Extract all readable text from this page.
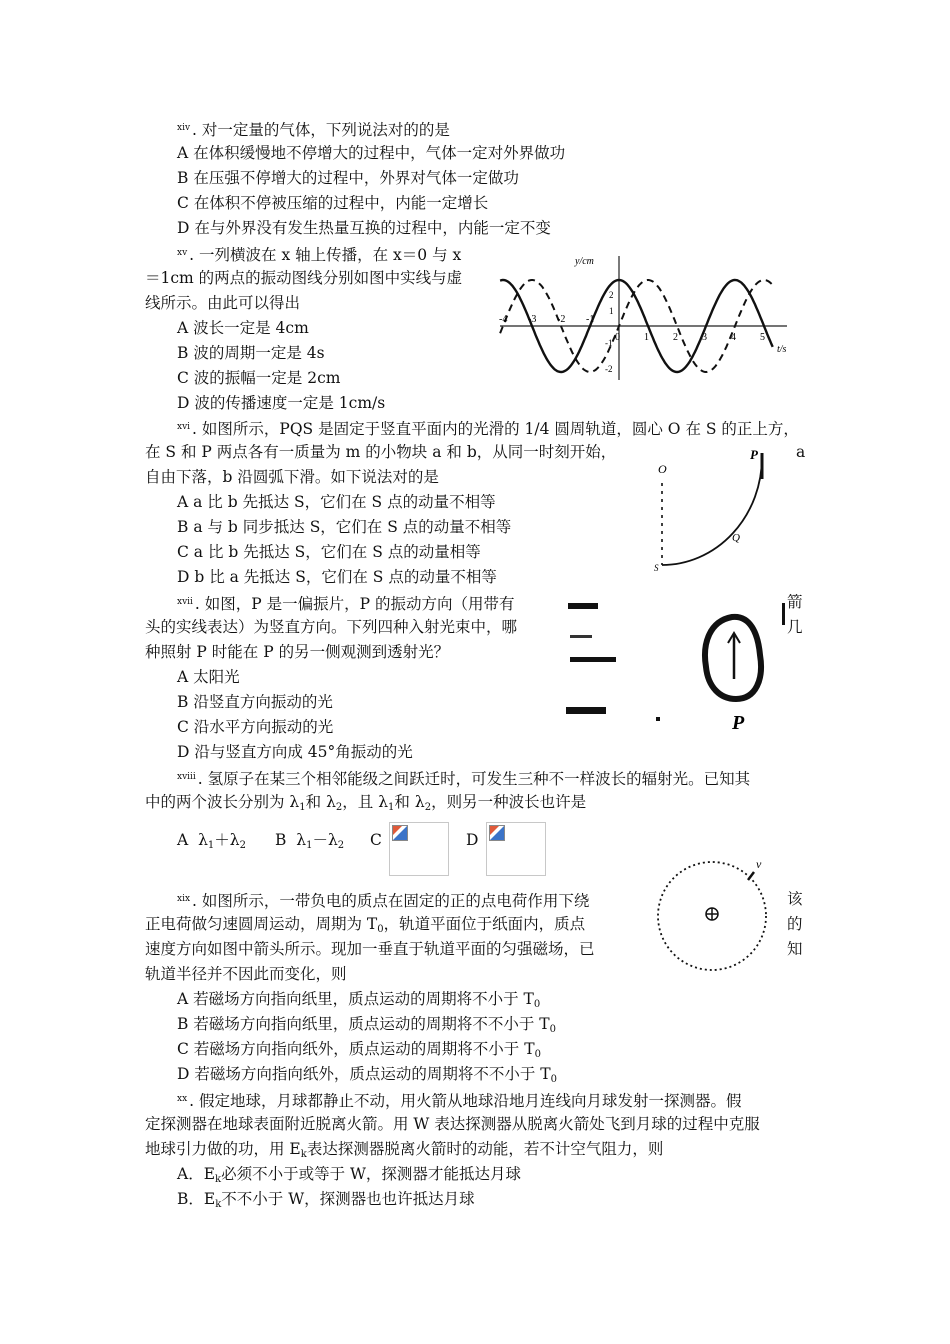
$^{xiv}$ . 对一定量的气体，下列说法对的的是
A 在体积缓慢地不停增大的过程中，气体一定对外界做功
B 在压强不停增大的过程中，外界对气体一定做功
C 在体积不停被压缩的过程中，内能一定增长
D 在与外界没有发生热量互换的过程中，内能一定不变
$^{xv}$ . 一列横波在 x 轴上传播，在 x＝0 与 x
＝1cm 的两点的振动图线分别如图中实线与虚
线所示。由此可以得出
A 波长一定是 4cm
B 波的周期一定是 4s
C 波的振幅一定是 2cm
D 波的传播速度一定是 1cm/s
y/cm
t/s
-4 -3 -2 -1
0 1 2 3 4 5
2
1
-1
-2
$^{xvi}$ . 如图所示，PQS 是固定于竖直平面内的光滑的 1/4 圆周轨道，圆心 O 在 S 的正上方，
在 S 和 P 两点各有一质量为 m 的小物块 a 和 b，从同一时刻开始，	a
自由下落，b 沿圆弧下滑。如下说法对的是
A a 比 b 先抵达 S，它们在 S 点的动量不相等
B a 与 b 同步抵达 S，它们在 S 点的动量不相等
C a 比 b 先抵达 S，它们在 S 点的动量相等
D b 比 a 先抵达 S，它们在 S 点的动量不相等
O
P
Q
S
$^{xvii}$ . 如图，P 是一偏振片，P 的振动方向（用带有	箭
头的实线表达）为竖直方向。下列四种入射光束中，哪	几
种照射 P 时能在 P 的另一侧观测到透射光？
A 太阳光
B 沿竖直方向振动的光
C 沿水平方向振动的光
D 沿与竖直方向成 45°角振动的光
P
$^{xviii}$ . 氢原子在某三个相邻能级之间跃迁时，可发生三种不一样波长的辐射光。已知其
中的两个波长分别为 $\lambda_1$和 $\lambda_2$，且 $\lambda_1$和 $\lambda_2$，则另一种波长也许是
A $\lambda_1+\lambda_2$ B $\lambda_1-\lambda_2$ C	D
$^{xix}$ . 如图所示，一带负电的质点在固定的正的点电荷作用下绕	该
正电荷做匀速圆周运动，周期为 $T_0$，轨道平面位于纸面内，质点	的
速度方向如图中箭头所示。现加一垂直于轨道平面的匀强磁场，已	知
轨道半径并不因此而变化，则
A 若磁场方向指向纸里，质点运动的周期将不小于 $T_0$
B 若磁场方向指向纸里，质点运动的周期将不不小于 $T_0$
C 若磁场方向指向纸外，质点运动的周期将不小于 $T_0$
D 若磁场方向指向纸外，质点运动的周期将不不小于 $T_0$
v
$^{xx}$ . 假定地球，月球都静止不动，用火箭从地球沿地月连线向月球发射一探测器。假
定探测器在地球表面附近脱离火箭。用 W 表达探测器从脱离火箭处飞到月球的过程中克服
地球引力做的功，用 $E_k$表达探测器脱离火箭时的动能，若不计空气阻力，则
A．$E_k$必须不小于或等于 W，探测器才能抵达月球
B．$E_k$不不小于 W，探测器也也许抵达月球
